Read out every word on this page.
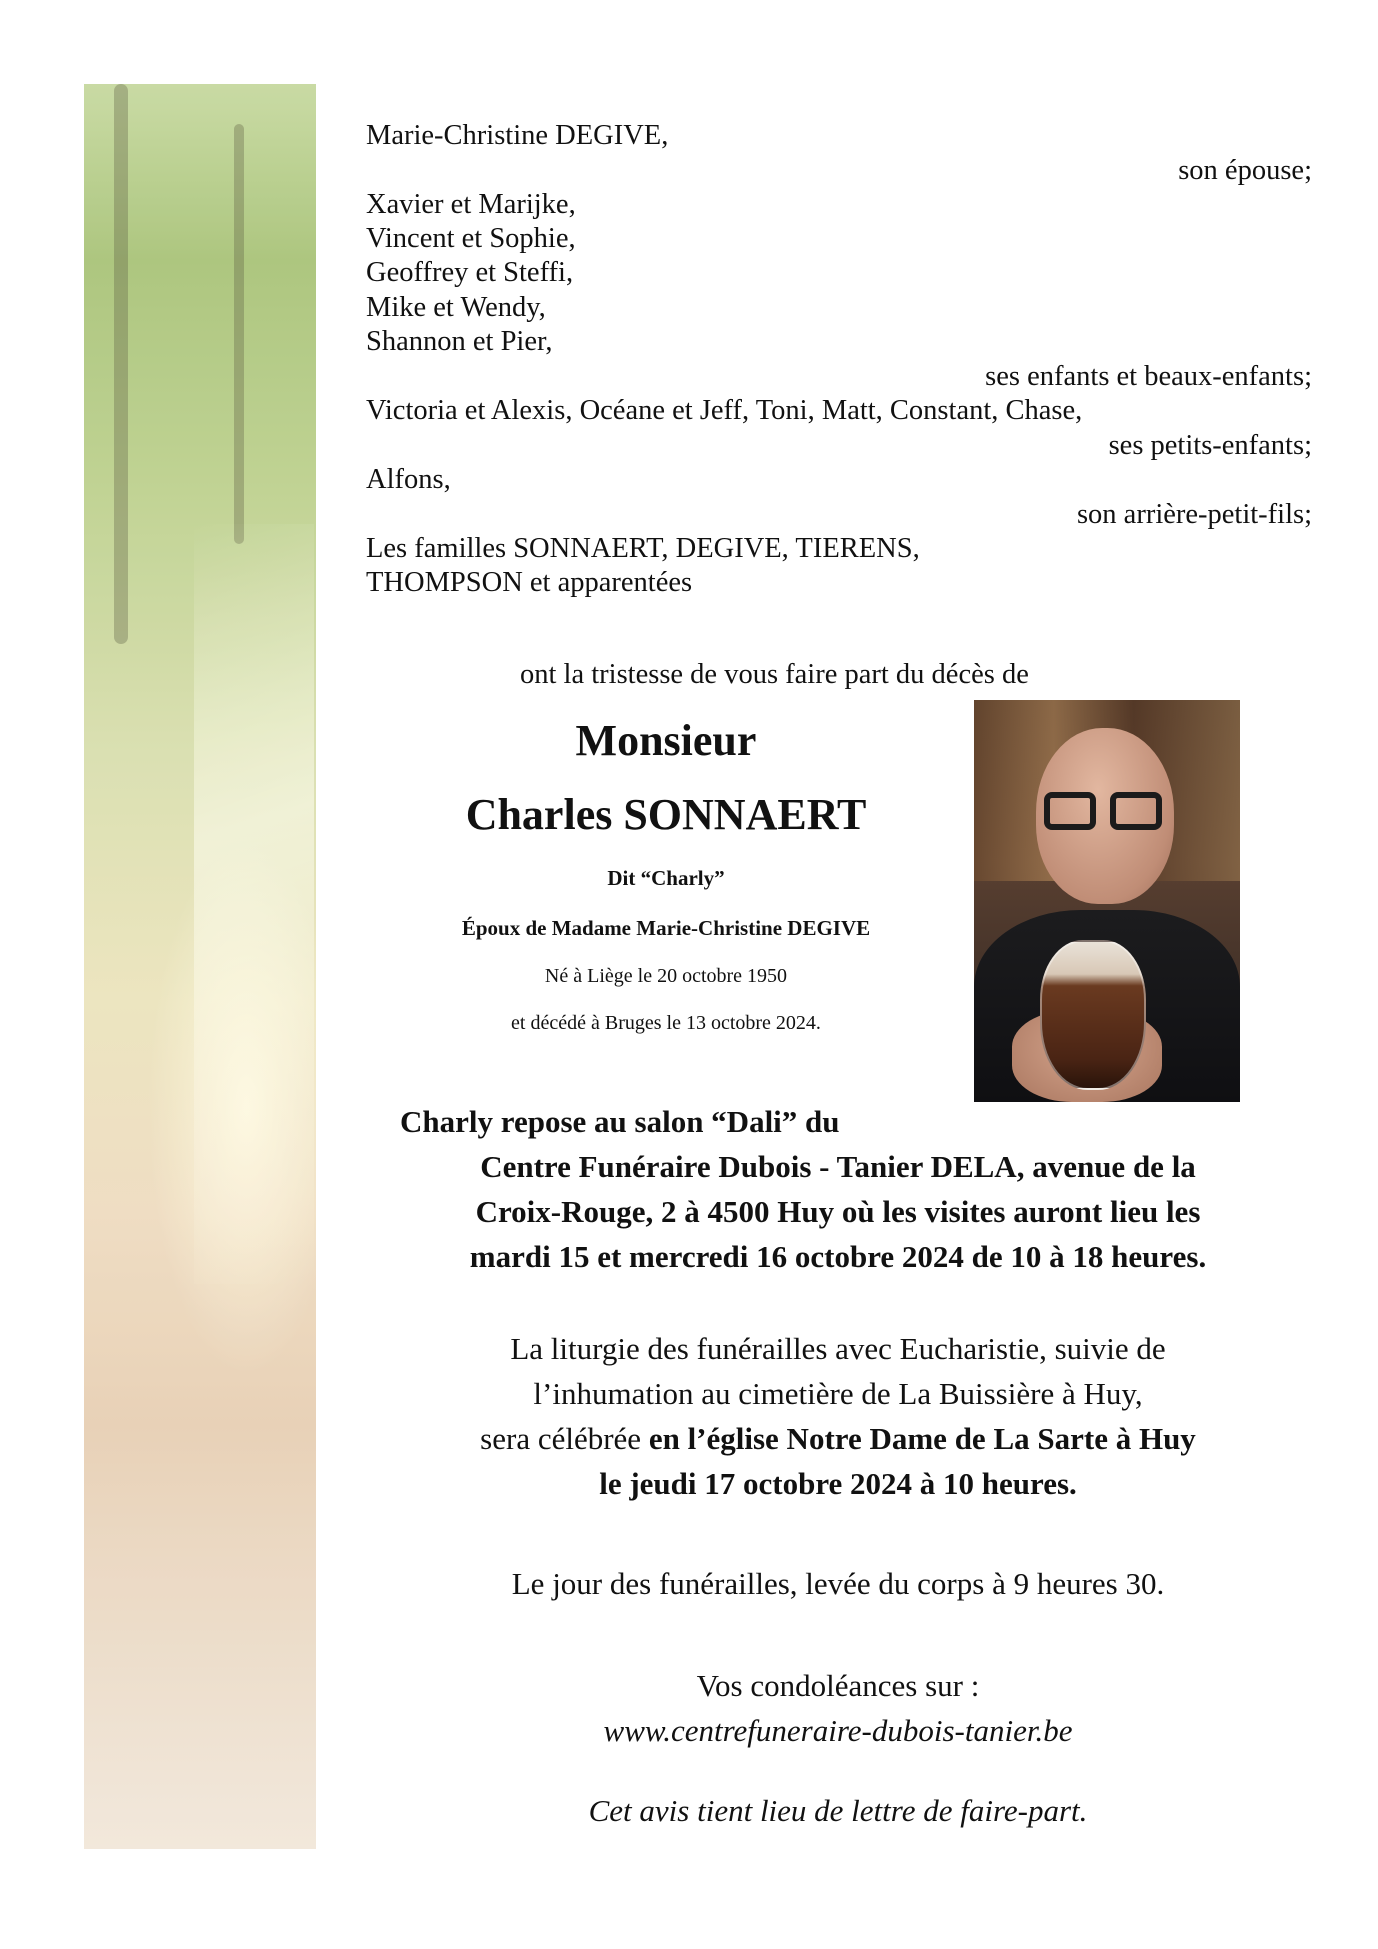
Marie-Christine DEGIVE,
son épouse;
Xavier et Marijke,
Vincent et Sophie,
Geoffrey et Steffi,
Mike et Wendy,
Shannon et Pier,
ses enfants et beaux-enfants;
Victoria et Alexis, Océane et Jeff, Toni, Matt, Constant, Chase,
ses petits-enfants;
Alfons,
son arrière-petit-fils;
Les familles SONNAERT, DEGIVE, TIERENS,
THOMPSON et apparentées
ont la tristesse de vous faire part du décès de
Monsieur
Charles SONNAERT
Dit “Charly”
Époux de Madame Marie-Christine DEGIVE
Né à Liège le 20 octobre 1950
et décédé à Bruges le 13 octobre 2024.
Charly repose au salon “Dali” du
Centre Funéraire Dubois - Tanier DELA, avenue de la
Croix-Rouge, 2 à 4500 Huy où les visites auront lieu les
mardi 15 et mercredi 16 octobre 2024 de 10 à 18 heures.
La liturgie des funérailles avec Eucharistie, suivie de
l’inhumation au cimetière de La Buissière à Huy,
sera célébrée en l’église Notre Dame de La Sarte à Huy
le jeudi 17 octobre 2024 à 10 heures.
Le jour des funérailles, levée du corps à 9 heures 30.
Vos condoléances sur :
www.centrefuneraire-dubois-tanier.be
Cet avis tient lieu de lettre de faire-part.
